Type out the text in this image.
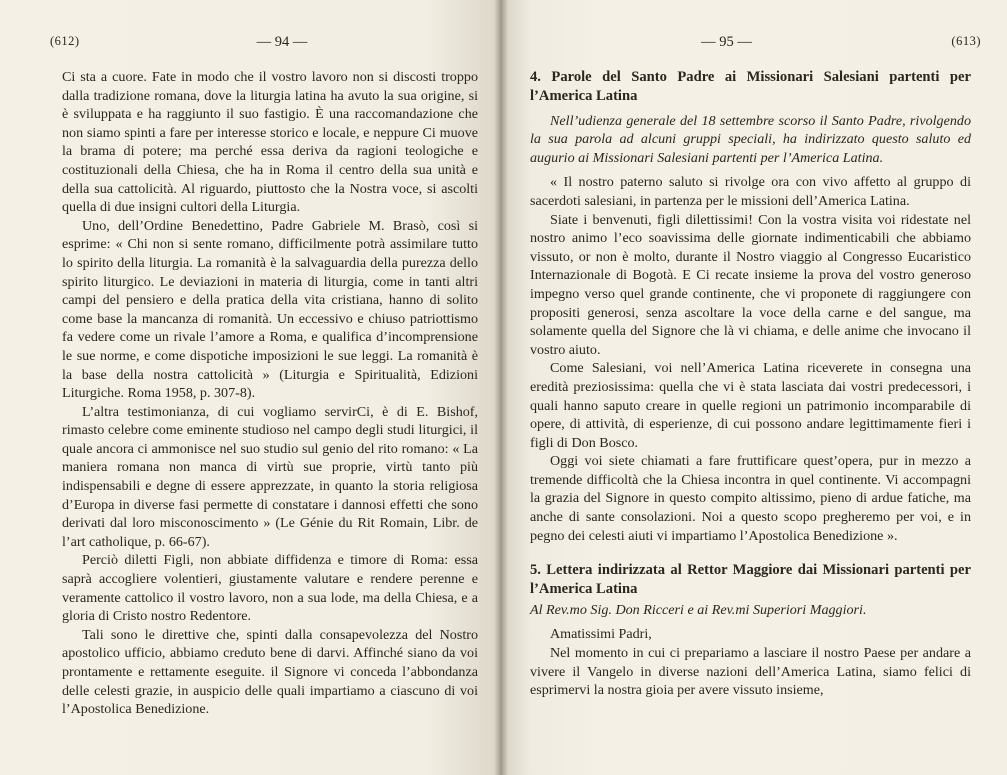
(612)	— 94 —

Ci sta a cuore. Fate in modo che il vostro lavoro non si discosti troppo dalla tradizione romana, dove la liturgia latina ha avuto la sua origine, si è sviluppata e ha raggiunto il suo fastigio. È una raccomandazione che non siamo spinti a fare per interesse storico e locale, e neppure Ci muove la brama di potere; ma perché essa deriva da ragioni teologiche e costituzionali della Chiesa, che ha in Roma il centro della sua unità e della sua cattolicità. Al riguardo, piuttosto che la Nostra voce, si ascolti quella di due insigni cultori della Liturgia.

Uno, dell’Ordine Benedettino, Padre Gabriele M. Brasò, così si esprime: « Chi non si sente romano, difficilmente potrà assimilare tutto lo spirito della liturgia. La romanità è la salvaguardia della purezza dello spirito liturgico. Le deviazioni in materia di liturgia, come in tanti altri campi del pensiero e della pratica della vita cristiana, hanno di solito come base la mancanza di romanità. Un eccessivo e chiuso patriottismo fa vedere come un rivale l’amore a Roma, e qualifica d’incomprensione le sue norme, e come dispotiche imposizioni le sue leggi. La romanità è la base della nostra cattolicità » (Liturgia e Spiritualità, Edizioni Liturgiche. Roma 1958, p. 307-8).

L’altra testimonianza, di cui vogliamo servirCi, è di E. Bishof, rimasto celebre come eminente studioso nel campo degli studi liturgici, il quale ancora ci ammonisce nel suo studio sul genio del rito romano: « La maniera romana non manca di virtù sue proprie, virtù tanto più indispensabili e degne di essere apprezzate, in quanto la storia religiosa d’Europa in diverse fasi permette di constatare i dannosi effetti che sono derivati dal loro misconoscimento » (Le Génie du Rit Romain, Libr. de l’art catholique, p. 66-67).

Perciò diletti Figli, non abbiate diffidenza e timore di Roma: essa saprà accogliere volentieri, giustamente valutare e rendere perenne e veramente cattolico il vostro lavoro, non a sua lode, ma della Chiesa, e a gloria di Cristo nostro Redentore.

Tali sono le direttive che, spinti dalla consapevolezza del Nostro apostolico ufficio, abbiamo creduto bene di darvi. Affinché siano da voi prontamente e rettamente eseguite. il Signore vi conceda l’abbondanza delle celesti grazie, in auspicio delle quali impartiamo a ciascuno di voi l’Apostolica Benedizione.

— 95 —	(613)
4. Parole del Santo Padre ai Missionari Salesiani partenti per l’America Latina

Nell’udienza generale del 18 settembre scorso il Santo Padre, rivolgendo la sua parola ad alcuni gruppi speciali, ha indirizzato questo saluto ed augurio ai Missionari Salesiani partenti per l’America Latina.

« Il nostro paterno saluto si rivolge ora con vivo affetto al gruppo di sacerdoti salesiani, in partenza per le missioni dell’America Latina.

Siate i benvenuti, figli dilettissimi! Con la vostra visita voi ridestate nel nostro animo l’eco soavissima delle giornate indimenticabili che abbiamo vissuto, or non è molto, durante il Nostro viaggio al Congresso Eucaristico Internazionale di Bogotà. E Ci recate insieme la prova del vostro generoso impegno verso quel grande continente, che vi proponete di raggiungere con propositi generosi, senza ascoltare la voce della carne e del sangue, ma solamente quella del Signore che là vi chiama, e delle anime che invocano il vostro aiuto.

Come Salesiani, voi nell’America Latina riceverete in consegna una eredità preziosissima: quella che vi è stata lasciata dai vostri predecessori, i quali hanno saputo creare in quelle regioni un patrimonio incomparabile di opere, di attività, di esperienze, di cui possono andare legittimamente fieri i figli di Don Bosco.

Oggi voi siete chiamati a fare fruttificare quest’opera, pur in mezzo a tremende difficoltà che la Chiesa incontra in quel continente. Vi accompagni la grazia del Signore in questo compito altissimo, pieno di ardue fatiche, ma anche di sante consolazioni. Noi a questo scopo pregheremo per voi, e in pegno dei celesti aiuti vi impartiamo l’Apostolica Benedizione ».

5. Lettera indirizzata al Rettor Maggiore dai Missionari partenti per l’America Latina

Al Rev.mo Sig. Don Ricceri e ai Rev.mi Superiori Maggiori.

Amatissimi Padri,

Nel momento in cui ci prepariamo a lasciare il nostro Paese per andare a vivere il Vangelo in diverse nazioni dell’America Latina, siamo felici di esprimervi la nostra gioia per avere vissuto insieme,
